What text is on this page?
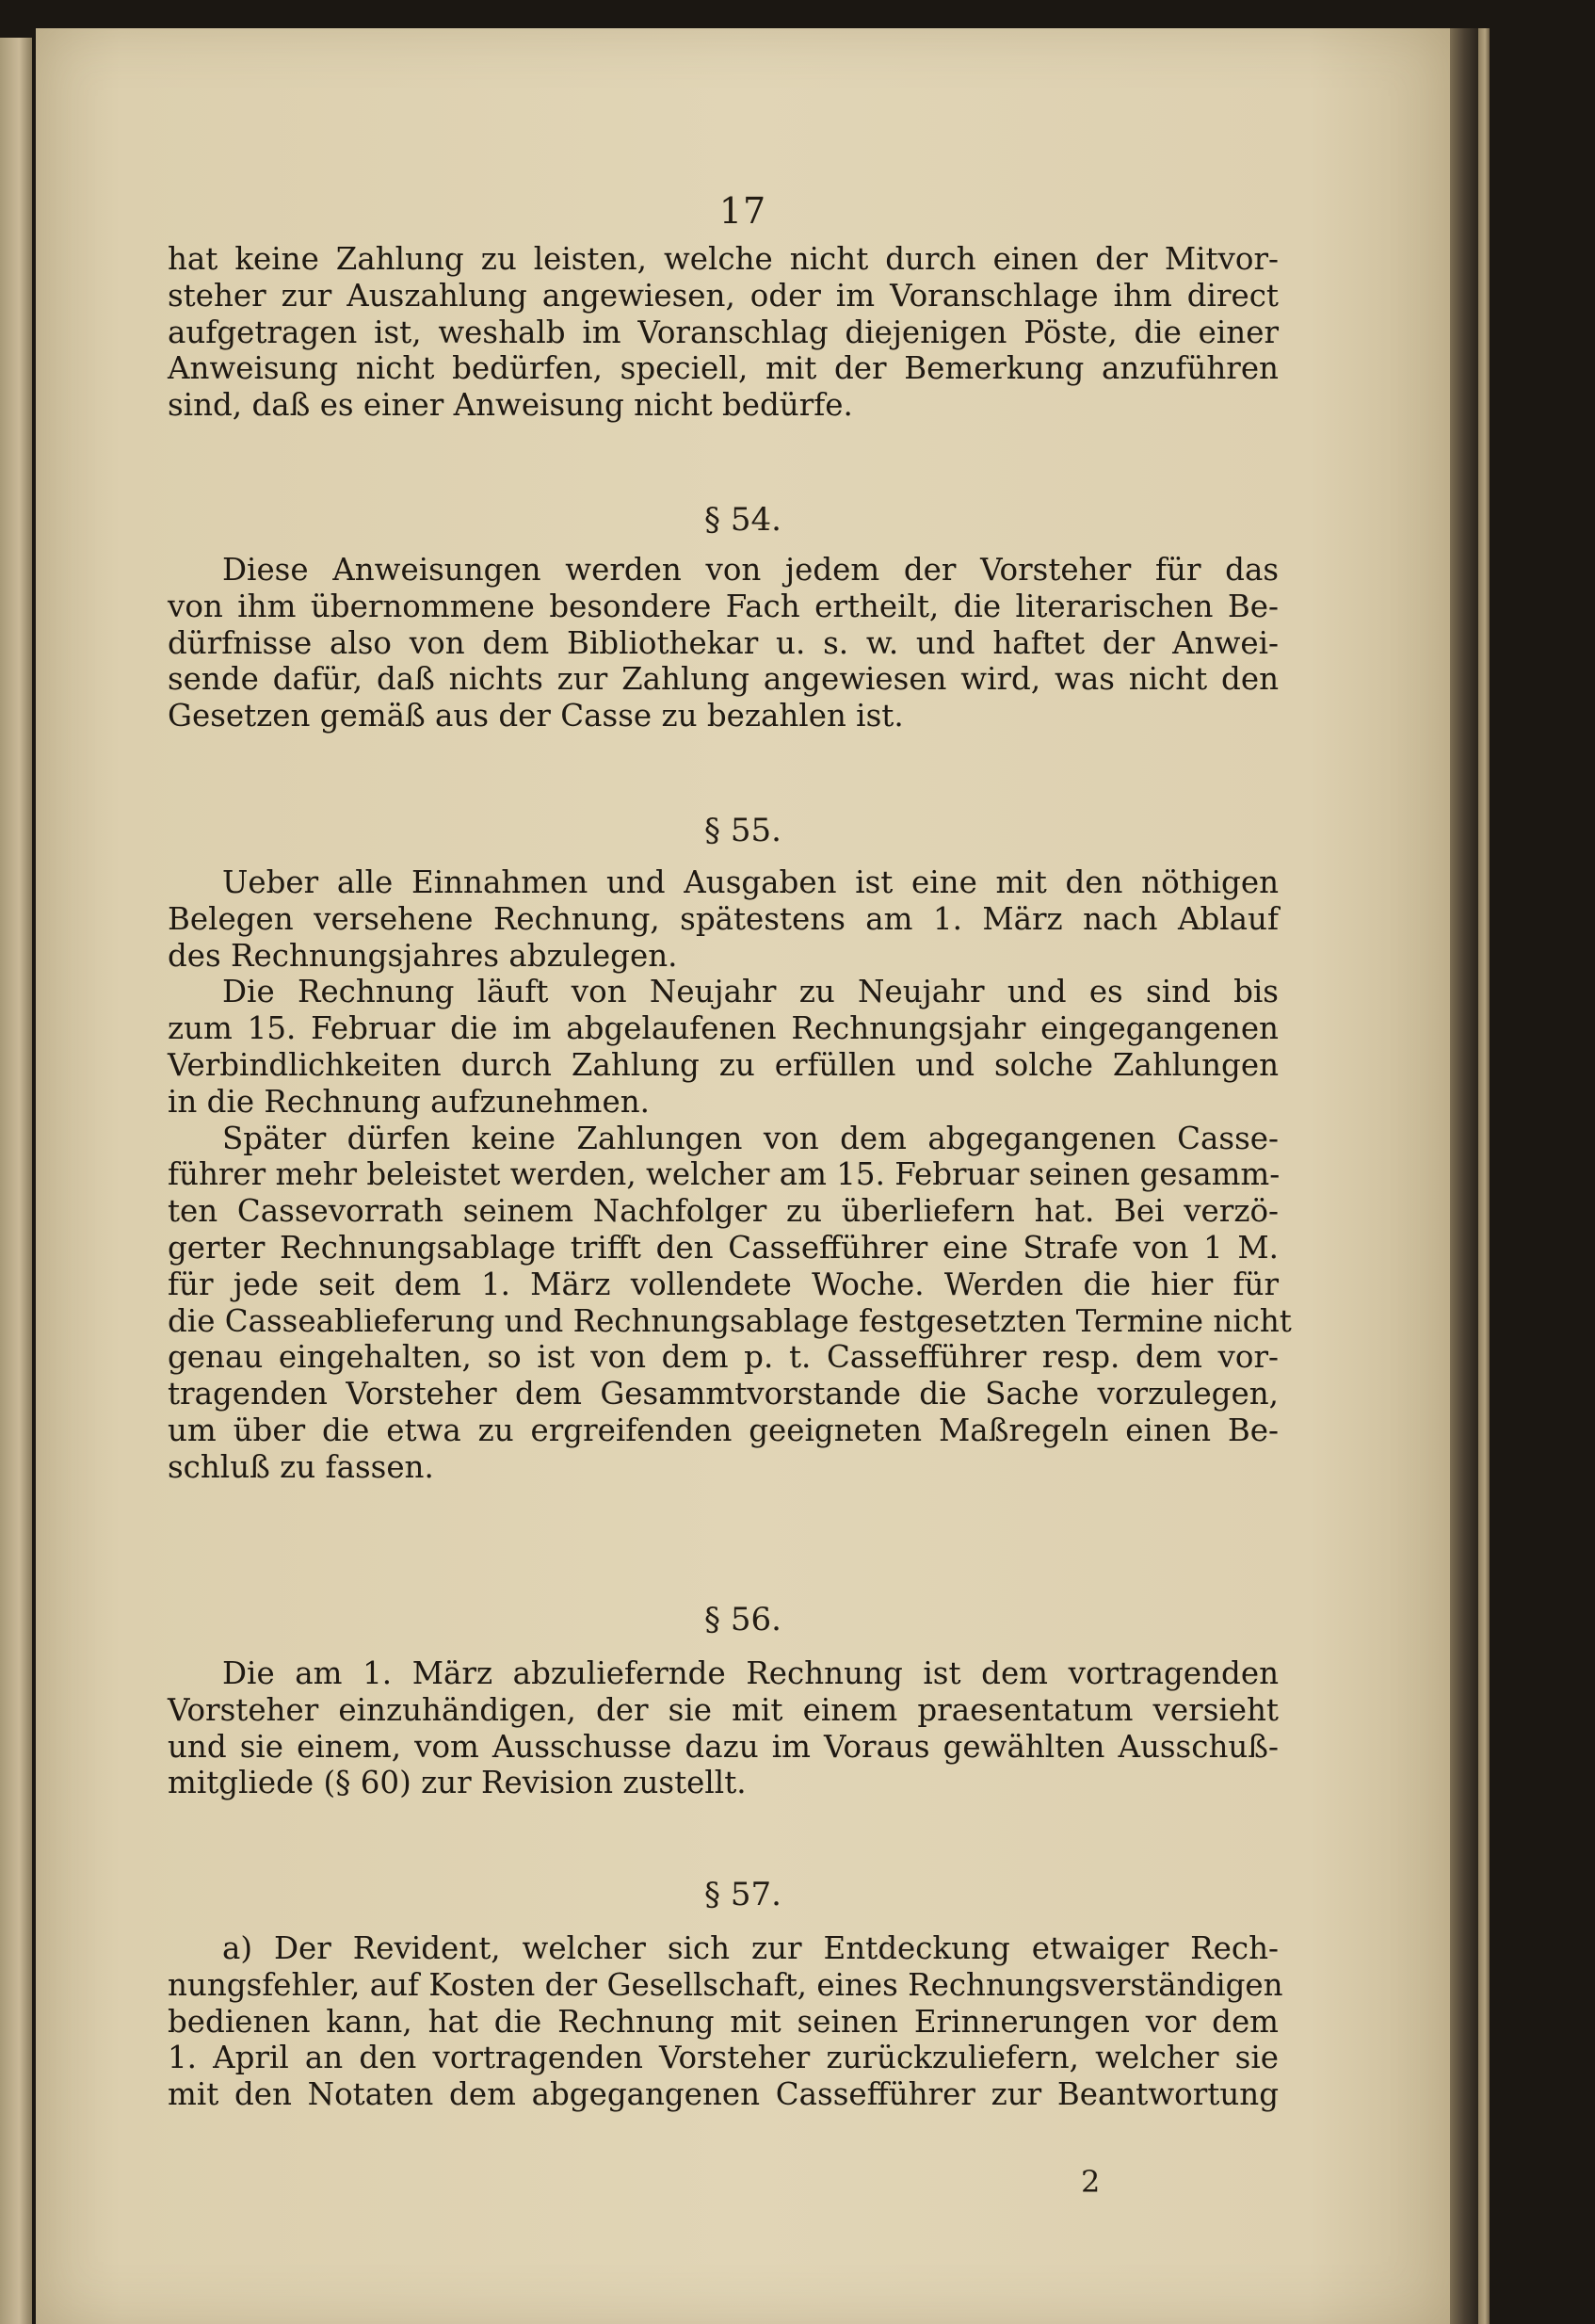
17
hat keine Zahlung zu leisten, welche nicht durch einen der Mitvor-
steher zur Auszahlung angewiesen, oder im Voranschlage ihm direct
aufgetragen ist, weshalb im Voranschlag diejenigen Pöste, die einer
Anweisung nicht bedürfen, speciell, mit der Bemerkung anzuführen
sind, daß es einer Anweisung nicht bedürfe.
§ 54.
Diese Anweisungen werden von jedem der Vorsteher für das
von ihm übernommene besondere Fach ertheilt, die literarischen Be-
dürfnisse also von dem Bibliothekar u. s. w. und haftet der Anwei-
sende dafür, daß nichts zur Zahlung angewiesen wird, was nicht den
Gesetzen gemäß aus der Casse zu bezahlen ist.
§ 55.
Ueber alle Einnahmen und Ausgaben ist eine mit den nöthigen
Belegen versehene Rechnung, spätestens am 1. März nach Ablauf
des Rechnungsjahres abzulegen.
Die Rechnung läuft von Neujahr zu Neujahr und es sind bis
zum 15. Februar die im abgelaufenen Rechnungsjahr eingegangenen
Verbindlichkeiten durch Zahlung zu erfüllen und solche Zahlungen
in die Rechnung aufzunehmen.
Später dürfen keine Zahlungen von dem abgegangenen Casse-
führer mehr beleistet werden, welcher am 15. Februar seinen gesamm-
ten Cassevorrath seinem Nachfolger zu überliefern hat. Bei verzö-
gerter Rechnungsablage trifft den Cassefführer eine Strafe von 1 M.
für jede seit dem 1. März vollendete Woche. Werden die hier für
die Casseablieferung und Rechnungsablage festgesetzten Termine nicht
genau eingehalten, so ist von dem p. t. Cassefführer resp. dem vor-
tragenden Vorsteher dem Gesammtvorstande die Sache vorzulegen,
um über die etwa zu ergreifenden geeigneten Maßregeln einen Be-
schluß zu fassen.
§ 56.
Die am 1. März abzuliefernde Rechnung ist dem vortragenden
Vorsteher einzuhändigen, der sie mit einem praesentatum versieht
und sie einem, vom Ausschusse dazu im Voraus gewählten Ausschuß-
mitgliede (§ 60) zur Revision zustellt.
§ 57.
a) Der Revident, welcher sich zur Entdeckung etwaiger Rech-
nungsfehler, auf Kosten der Gesellschaft, eines Rechnungsverständigen
bedienen kann, hat die Rechnung mit seinen Erinnerungen vor dem
1. April an den vortragenden Vorsteher zurückzuliefern, welcher sie
mit den Notaten dem abgegangenen Cassefführer zur Beantwortung
2
